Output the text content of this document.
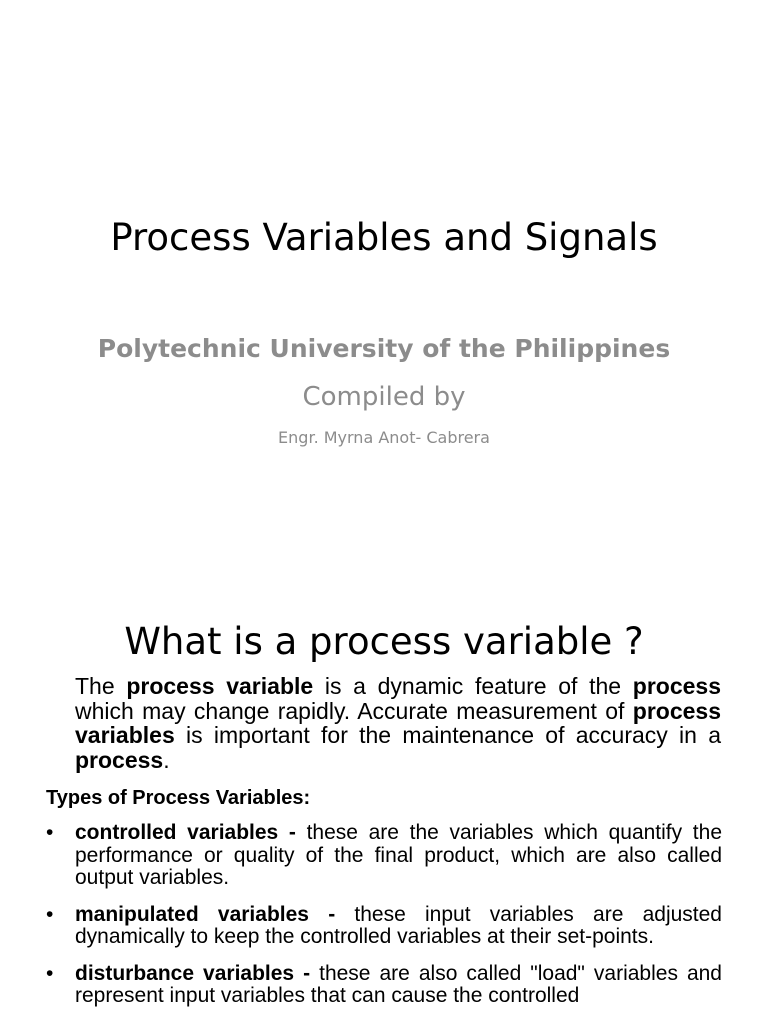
Process Variables and Signals
Polytechnic University of the Philippines
Compiled by
Engr. Myrna Anot- Cabrera
What is a process variable ?
The process variable is a dynamic feature of the process which may change rapidly. Accurate measurement of process variables is important for the maintenance of accuracy in a process.
Types of Process Variables:
• controlled variables - these are the variables which quantify the performance or quality of the final product, which are also called output variables.
• manipulated variables - these input variables are adjusted dynamically to keep the controlled variables at their set-points.
• disturbance variables - these are also called "load" variables and represent input variables that can cause the controlled
